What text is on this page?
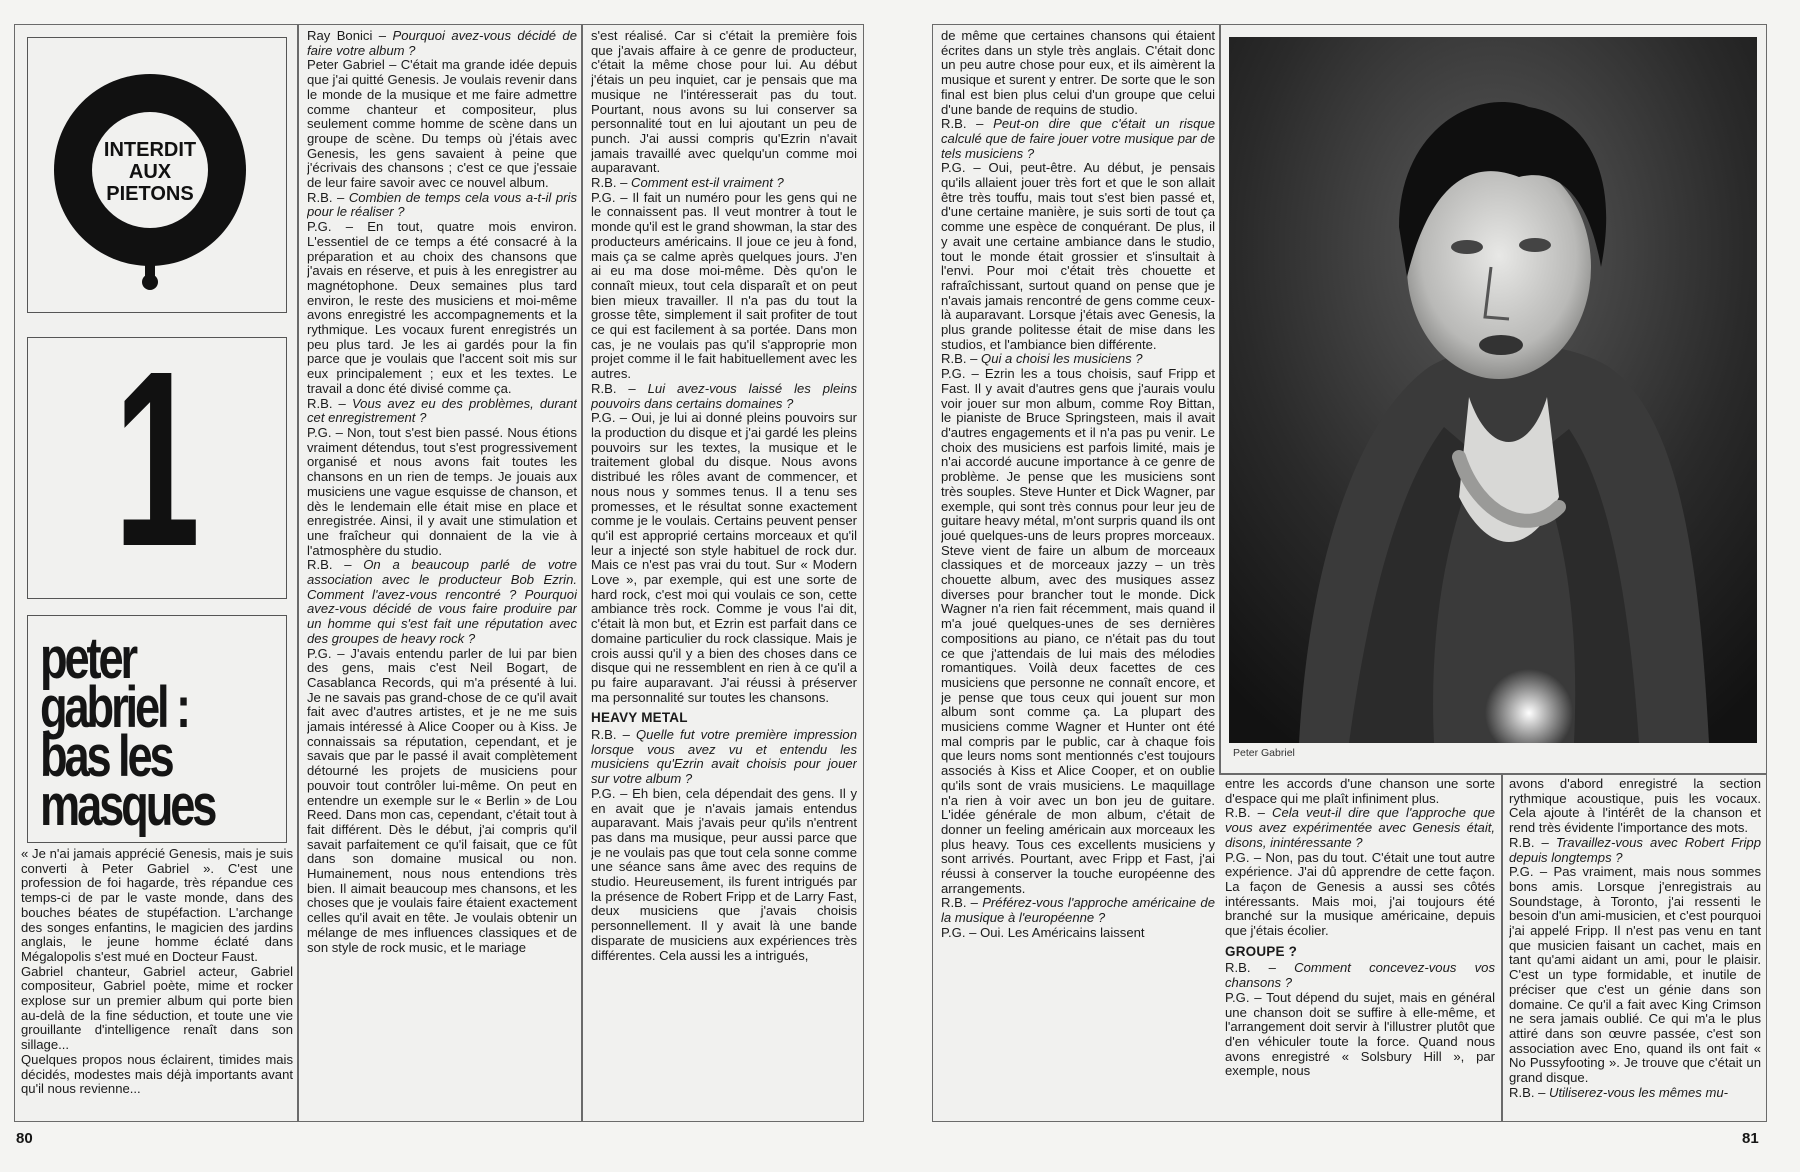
INTERDIT
AUX
PIETONS
1
peter
gabriel :
bas les
masques

« Je n'ai jamais apprécié Genesis, mais je suis converti à Peter Gabriel ». C'est une profession de foi hagarde, très répandue ces temps-ci de par le vaste monde, dans des bouches béates de stupéfaction. L'archange des songes enfantins, le magicien des jardins anglais, le jeune homme éclaté dans Mégalopolis s'est mué en Docteur Faust.

Gabriel chanteur, Gabriel acteur, Gabriel compositeur, Gabriel poète, mime et rocker explose sur un premier album qui porte bien au-delà de la fine séduction, et toute une vie grouillante d'intelligence renaît dans son sillage...

Quelques propos nous éclairent, timides mais décidés, modestes mais déjà importants avant qu'il nous revienne...

Ray Bonici – Pourquoi avez-vous décidé de faire votre album ?

Peter Gabriel – C'était ma grande idée depuis que j'ai quitté Genesis. Je voulais revenir dans le monde de la musique et me faire admettre comme chanteur et compositeur, plus seulement comme homme de scène dans un groupe de scène. Du temps où j'étais avec Genesis, les gens savaient à peine que j'écrivais des chansons ; c'est ce que j'essaie de leur faire savoir avec ce nouvel album.

R.B. – Combien de temps cela vous a-t-il pris pour le réaliser ?

P.G. – En tout, quatre mois environ. L'essentiel de ce temps a été consacré à la préparation et au choix des chansons que j'avais en réserve, et puis à les enregistrer au magnétophone. Deux semaines plus tard environ, le reste des musiciens et moi-même avons enregistré les accompagnements et la rythmique. Les vocaux furent enregistrés un peu plus tard. Je les ai gardés pour la fin parce que je voulais que l'accent soit mis sur eux principalement ; eux et les textes. Le travail a donc été divisé comme ça.

R.B. – Vous avez eu des problèmes, durant cet enregistrement ?

P.G. – Non, tout s'est bien passé. Nous étions vraiment détendus, tout s'est progressivement organisé et nous avons fait toutes les chansons en un rien de temps. Je jouais aux musiciens une vague esquisse de chanson, et dès le lendemain elle était mise en place et enregistrée. Ainsi, il y avait une stimulation et une fraîcheur qui donnaient de la vie à l'atmosphère du studio.

R.B. – On a beaucoup parlé de votre association avec le producteur Bob Ezrin. Comment l'avez-vous rencontré ? Pourquoi avez-vous décidé de vous faire produire par un homme qui s'est fait une réputation avec des groupes de heavy rock ?

P.G. – J'avais entendu parler de lui par bien des gens, mais c'est Neil Bogart, de Casablanca Records, qui m'a présenté à lui. Je ne savais pas grand-chose de ce qu'il avait fait avec d'autres artistes, et je ne me suis jamais intéressé à Alice Cooper ou à Kiss. Je connaissais sa réputation, cependant, et je savais que par le passé il avait complètement détourné les projets de musiciens pour pouvoir tout contrôler lui-même. On peut en entendre un exemple sur le « Berlin » de Lou Reed. Dans mon cas, cependant, c'était tout à fait différent. Dès le début, j'ai compris qu'il savait parfaitement ce qu'il faisait, que ce fût dans son domaine musical ou non. Humainement, nous nous entendions très bien. Il aimait beaucoup mes chansons, et les choses que je voulais faire étaient exactement celles qu'il avait en tête. Je voulais obtenir un mélange de mes influences classiques et de son style de rock music, et le mariage

s'est réalisé. Car si c'était la première fois que j'avais affaire à ce genre de producteur, c'était la même chose pour lui. Au début j'étais un peu inquiet, car je pensais que ma musique ne l'intéresserait pas du tout. Pourtant, nous avons su lui conserver sa personnalité tout en lui ajoutant un peu de punch. J'ai aussi compris qu'Ezrin n'avait jamais travaillé avec quelqu'un comme moi auparavant.

R.B. – Comment est-il vraiment ?

P.G. – Il fait un numéro pour les gens qui ne le connaissent pas. Il veut montrer à tout le monde qu'il est le grand showman, la star des producteurs américains. Il joue ce jeu à fond, mais ça se calme après quelques jours. J'en ai eu ma dose moi-même. Dès qu'on le connaît mieux, tout cela disparaît et on peut bien mieux travailler. Il n'a pas du tout la grosse tête, simplement il sait profiter de tout ce qui est facilement à sa portée. Dans mon cas, je ne voulais pas qu'il s'approprie mon projet comme il le fait habituellement avec les autres.

R.B. – Lui avez-vous laissé les pleins pouvoirs dans certains domaines ?

P.G. – Oui, je lui ai donné pleins pouvoirs sur la production du disque et j'ai gardé les pleins pouvoirs sur les textes, la musique et le traitement global du disque. Nous avons distribué les rôles avant de commencer, et nous nous y sommes tenus. Il a tenu ses promesses, et le résultat sonne exactement comme je le voulais. Certains peuvent penser qu'il est approprié certains morceaux et qu'il leur a injecté son style habituel de rock dur. Mais ce n'est pas vrai du tout. Sur « Modern Love », par exemple, qui est une sorte de hard rock, c'est moi qui voulais ce son, cette ambiance très rock. Comme je vous l'ai dit, c'était là mon but, et Ezrin est parfait dans ce domaine particulier du rock classique. Mais je crois aussi qu'il y a bien des choses dans ce disque qui ne ressemblent en rien à ce qu'il a pu faire auparavant. J'ai réussi à préserver ma personnalité sur toutes les chansons.

HEAVY METAL

R.B. – Quelle fut votre première impression lorsque vous avez vu et entendu les musiciens qu'Ezrin avait choisis pour jouer sur votre album ?

P.G. – Eh bien, cela dépendait des gens. Il y en avait que je n'avais jamais entendus auparavant. Mais j'avais peur qu'ils n'entrent pas dans ma musique, peur aussi parce que je ne voulais pas que tout cela sonne comme une séance sans âme avec des requins de studio. Heureusement, ils furent intrigués par la présence de Robert Fripp et de Larry Fast, deux musiciens que j'avais choisis personnellement. Il y avait là une bande disparate de musiciens aux expériences très différentes. Cela aussi les a intrigués,

80

de même que certaines chansons qui étaient écrites dans un style très anglais. C'était donc un peu autre chose pour eux, et ils aimèrent la musique et surent y entrer. De sorte que le son final est bien plus celui d'un groupe que celui d'une bande de requins de studio.

R.B. – Peut-on dire que c'était un risque calculé que de faire jouer votre musique par de tels musiciens ?

P.G. – Oui, peut-être. Au début, je pensais qu'ils allaient jouer très fort et que le son allait être très touffu, mais tout s'est bien passé et, d'une certaine manière, je suis sorti de tout ça comme une espèce de conquérant. De plus, il y avait une certaine ambiance dans le studio, tout le monde était grossier et s'insultait à l'envi. Pour moi c'était très chouette et rafraîchissant, surtout quand on pense que je n'avais jamais rencontré de gens comme ceux-là auparavant. Lorsque j'étais avec Genesis, la plus grande politesse était de mise dans les studios, et l'ambiance bien différente.

R.B. – Qui a choisi les musiciens ?

P.G. – Ezrin les a tous choisis, sauf Fripp et Fast. Il y avait d'autres gens que j'aurais voulu voir jouer sur mon album, comme Roy Bittan, le pianiste de Bruce Springsteen, mais il avait d'autres engagements et il n'a pas pu venir. Le choix des musiciens est parfois limité, mais je n'ai accordé aucune importance à ce genre de problème. Je pense que les musiciens sont très souples. Steve Hunter et Dick Wagner, par exemple, qui sont très connus pour leur jeu de guitare heavy métal, m'ont surpris quand ils ont joué quelques-uns de leurs propres morceaux. Steve vient de faire un album de morceaux classiques et de morceaux jazzy – un très chouette album, avec des musiques assez diverses pour brancher tout le monde. Dick Wagner n'a rien fait récemment, mais quand il m'a joué quelques-unes de ses dernières compositions au piano, ce n'était pas du tout ce que j'attendais de lui mais des mélodies romantiques. Voilà deux facettes de ces musiciens que personne ne connaît encore, et je pense que tous ceux qui jouent sur mon album sont comme ça. La plupart des musiciens comme Wagner et Hunter ont été mal compris par le public, car à chaque fois que leurs noms sont mentionnés c'est toujours associés à Kiss et Alice Cooper, et on oublie qu'ils sont de vrais musiciens. Le maquillage n'a rien à voir avec un bon jeu de guitare. L'idée générale de mon album, c'était de donner un feeling américain aux morceaux les plus heavy. Tous ces excellents musiciens y sont arrivés. Pourtant, avec Fripp et Fast, j'ai réussi à conserver la touche européenne des arrangements.

R.B. – Préférez-vous l'approche américaine de la musique à l'européenne ?

P.G. – Oui. Les Américains laissent

Peter Gabriel

entre les accords d'une chanson une sorte d'espace qui me plaît infiniment plus.

R.B. – Cela veut-il dire que l'approche que vous avez expérimentée avec Genesis était, disons, inintéressante ?

P.G. – Non, pas du tout. C'était une tout autre expérience. J'ai dû apprendre de cette façon. La façon de Genesis a aussi ses côtés intéressants. Mais moi, j'ai toujours été branché sur la musique américaine, depuis que j'étais écolier.

GROUPE ?

R.B. – Comment concevez-vous vos chansons ?

P.G. – Tout dépend du sujet, mais en général une chanson doit se suffire à elle-même, et l'arrangement doit servir à l'illustrer plutôt que d'en véhiculer toute la force. Quand nous avons enregistré « Solsbury Hill », par exemple, nous

avons d'abord enregistré la section rythmique acoustique, puis les vocaux. Cela ajoute à l'intérêt de la chanson et rend très évidente l'importance des mots.

R.B. – Travaillez-vous avec Robert Fripp depuis longtemps ?

P.G. – Pas vraiment, mais nous sommes bons amis. Lorsque j'enregistrais au Soundstage, à Toronto, j'ai ressenti le besoin d'un ami-musicien, et c'est pourquoi j'ai appelé Fripp. Il n'est pas venu en tant que musicien faisant un cachet, mais en tant qu'ami aidant un ami, pour le plaisir. C'est un type formidable, et inutile de préciser que c'est un génie dans son domaine. Ce qu'il a fait avec King Crimson ne sera jamais oublié. Ce qui m'a le plus attiré dans son œuvre passée, c'est son association avec Eno, quand ils ont fait « No Pussyfooting ». Je trouve que c'était un grand disque.

R.B. – Utiliserez-vous les mêmes mu-

81
